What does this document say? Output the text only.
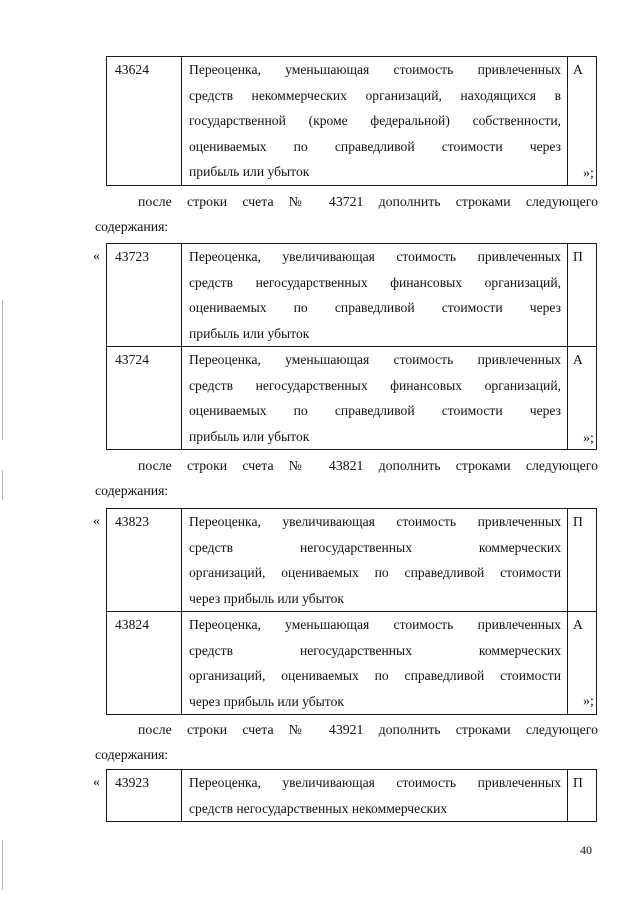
43624	Переоценка, уменьшающая стоимость привлеченных
средств некоммерческих организаций, находящихся в
государственной (кроме федеральной) собственности,
оцениваемых по справедливой стоимости через
прибыль или убыток
	А
»;
после строки счета № 43721 дополнить строками следующего
содержания:
« 43723	Переоценка, увеличивающая стоимость привлеченных
средств негосударственных финансовых организаций,
оцениваемых по справедливой стоимости через
прибыль или убыток	П
43724	Переоценка, уменьшающая стоимость привлеченных
средств негосударственных финансовых организаций,
оцениваемых по справедливой стоимости через
прибыль или убыток	А
»;
после строки счета № 43821 дополнить строками следующего
содержания:
« 43823	Переоценка, увеличивающая стоимость привлеченных
средств негосударственных коммерческих
организаций, оцениваемых по справедливой стоимости
через прибыль или убыток	П
43824	Переоценка, уменьшающая стоимость привлеченных
средств негосударственных коммерческих
организаций, оцениваемых по справедливой стоимости
через прибыль или убыток	А
»;
после строки счета № 43921 дополнить строками следующего
содержания:
« 43923	Переоценка, увеличивающая стоимость привлеченных
средств негосударственных некоммерческих
	П
40
